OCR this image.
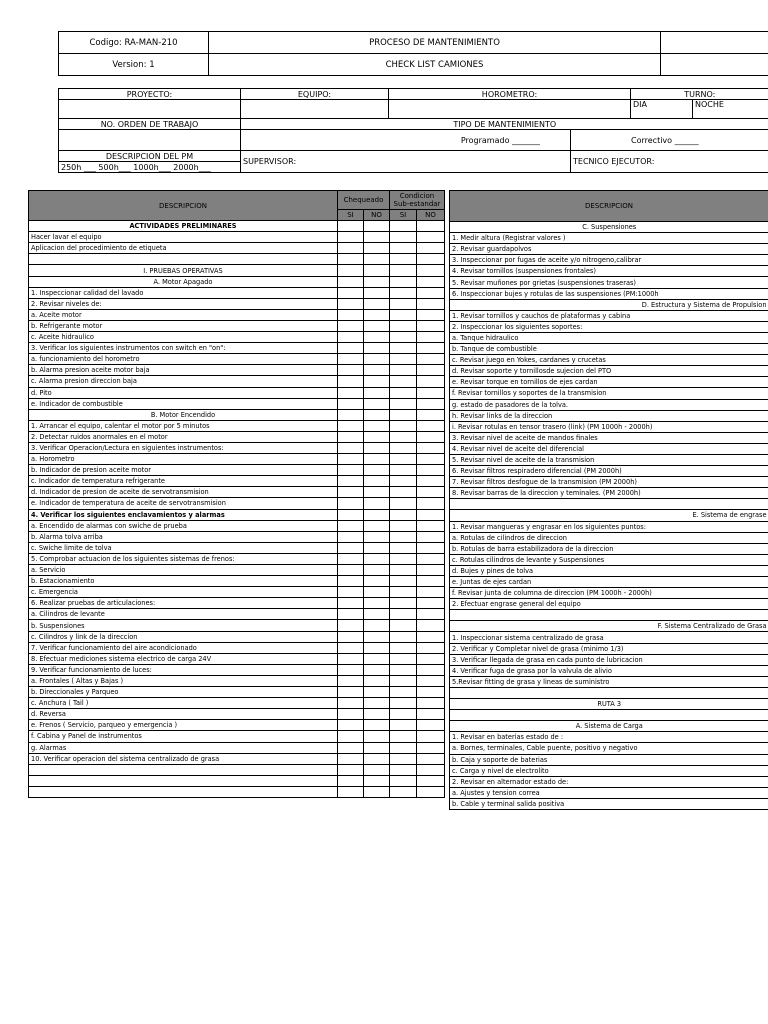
Codigo: RA-MAN-210	PROCESO DE MANTENIMIENTO	
Version: 1	CHECK LIST CAMIONES	
PROYECTO:	EQUIPO:	HOROMETRO:		TURNO:	
				DIA	NOCHE
NO. ORDEN DE TRABAJO	TIPO DE MANTENIMIENTO				
	Programado _______		Correctivo ______		
DESCRIPCION DEL PM	SUPERVISOR:		TECNICO EJECUTOR:		
250h ___ 500h___ 1000h___ 2000h___					
DESCRIPCION	Chequeado		Condicion Sub-estandar	
	SI	NO	SI	NO
ACTIVIDADES PRELIMINARES				
Hacer lavar el equipo				
Aplicacion del procedimiento de etiqueta				

I. PRUEBAS OPERATIVAS				
A. Motor Apagado				
1. Inspeccionar calidad del lavado				
2. Revisar niveles de:				
a. Aceite motor				
b. Refrigerante motor				
c. Aceite hidraulico				
3. Verificar los siguientes instrumentos con switch en "on":				
a. funcionamiento del horometro				
b. Alarma presion aceite motor baja				
c. Alarma presion direccion baja				
d. Pito				
e. Indicador de combustible				
B. Motor Encendido				
1. Arrancar el equipo, calentar el motor por 5 minutos				
2. Detectar ruidos anormales en el motor				
3. Verificar Operacion/Lectura en siguientes instrumentos:				
a. Horometro				
b. Indicador de presion aceite motor				
c. Indicador de temperatura refrigerante				
d. Indicador de presion de aceite de servotransmision				
e. Indicador de temperatura de aceite de servotransmision				
4. Verificar los siguientes enclavamientos y alarmas				
a. Encendido de alarmas con swiche de prueba				
b. Alarma tolva arriba				
c. Swiche limite de tolva				
5. Comprobar actuacion de los siguientes sistemas de frenos:				
a. Servicio				
b. Estacionamiento				
c. Emergencia				
6. Realizar pruebas de articulaciones:				
a. Cilindros de levante				
b. Suspensiones				
c. Cilindros y link de la direccion				
7. Verificar funcionamiento del aire acondicionado				
8. Efectuar mediciones sistema electrico de carga 24V				
9. Verificar funcionamiento de luces:				
a. Frontales ( Altas y Bajas )				
b. Direccionales y Parqueo				
c. Anchura ( Tail )				
d. Reversa				
e. Frenos ( Servicio, parqueo y emergencia )				
f. Cabina y Panel de instrumentos				
g. Alarmas				
10. Verificar operacion del sistema centralizado de grasa				

DESCRIPCION
C. Suspensiones
1. Medir altura (Registrar valores )
2. Revisar guardapolvos
3. Inspeccionar por fugas de aceite y/o nitrogeno,calibrar
4. Revisar tornillos (suspensiones frontales)
5. Revisar muñones por grietas (suspensiones traseras)
6. Inspeccionar bujes y rotulas de las suspensiones (PM:1000h
D. Estructura y Sistema de Propulsion
1. Revisar tornillos y cauchos de plataformas y cabina
2. Inspeccionar los siguientes soportes:
a. Tanque hidraulico
b. Tanque de combustible
c. Revisar juego en Yokes, cardanes y crucetas
d. Revisar soporte y tornillosde sujecion del PTO
e. Revisar torque en tornillos de ejes cardan
f. Revisar tornillos y soportes de la transmision
g. estado de pasadores de la tolva.
h. Revisar links de la direccion
i. Revisar rotulas en tensor trasero (link) (PM 1000h - 2000h)
3. Revisar nivel de aceite de mandos finales
4. Revisar nivel de aceite del diferencial
5. Revisar nivel de aceite de la transmision
6. Revisar filtros respiradero diferencial (PM 2000h)
7. Revisar filtros desfogue de la transmision (PM 2000h)
8. Revisar barras de la direccion y teminales. (PM 2000h)

E. Sistema de engrase
1. Revisar mangueras y engrasar en los siguientes puntos:
a. Rotulas de cilindros de direccion
b. Rotulas de barra estabilizadora de la direccion
c. Rotulas cilindros de levante y Suspensiones
d. Bujes y pines de tolva
e. Juntas de ejes cardan
f. Revisar junta de columna de direccion (PM 1000h - 2000h)
2. Efectuar engrase general del equipo

F. Sistema Centralizado de Grasa
1. Inspeccionar sistema centralizado de grasa
2. Verificar y Completar nivel de grasa (minimo 1/3)
3. Verificar llegada de grasa en cada punto de lubricacion
4. Verificar fuga de grasa por la valvula de alivio
5.Revisar fitting de grasa y lineas de suministro

RUTA 3

A. Sistema de Carga
1. Revisar en baterias estado de :
a. Bornes, terminales, Cable puente, positivo y negativo
b. Caja y soporte de baterias
c. Carga y nivel de electrolito
2. Revisar en alternador estado de:
a. Ajustes y tension correa
b. Cable y terminal salida positiva
